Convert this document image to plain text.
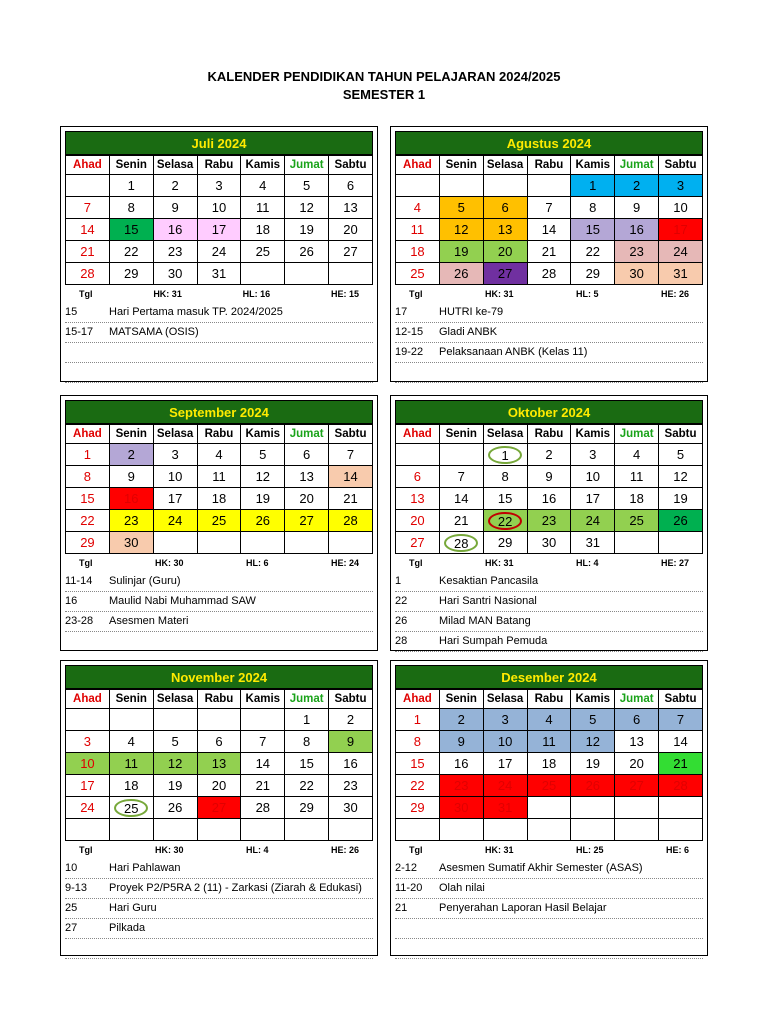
KALENDER PENDIDIKAN TAHUN PELAJARAN 2024/2025
SEMESTER 1
Juli 2024
Ahad	Senin	Selasa	Rabu	Kamis	Jumat	Sabtu
	1	2	3	4	5	6
7	8	9	10	11	12	13
14	15	16	17	18	19	20
21	22	23	24	25	26	27
28	29	30	31			
Tgl	HK: 31	HL: 16	HE: 15
15	Hari Pertama masuk TP. 2024/2025
15-17	MATSAMA (OSIS)
Agustus 2024
Ahad	Senin	Selasa	Rabu	Kamis	Jumat	Sabtu
				1	2	3
4	5	6	7	8	9	10
11	12	13	14	15	16	17
18	19	20	21	22	23	24
25	26	27	28	29	30	31
Tgl	HK: 31	HL: 5	HE: 26
17	HUTRI ke-79
12-15	Gladi ANBK
19-22	Pelaksanaan ANBK (Kelas 11)
September 2024
Ahad	Senin	Selasa	Rabu	Kamis	Jumat	Sabtu
1	2	3	4	5	6	7
8	9	10	11	12	13	14
15	16	17	18	19	20	21
22	23	24	25	26	27	28
29	30					
Tgl	HK: 30	HL: 6	HE: 24
11-14	Sulinjar (Guru)
16	Maulid Nabi Muhammad SAW
23-28	Asesmen Materi
Oktober 2024
Ahad	Senin	Selasa	Rabu	Kamis	Jumat	Sabtu
		1	2	3	4	5
6	7	8	9	10	11	12
13	14	15	16	17	18	19
20	21	22	23	24	25	26
27	28	29	30	31		
Tgl	HK: 31	HL: 4	HE: 27
1	Kesaktian Pancasila
22	Hari Santri Nasional
26	Milad MAN Batang
28	Hari Sumpah Pemuda
November 2024
Ahad	Senin	Selasa	Rabu	Kamis	Jumat	Sabtu
					1	2
3	4	5	6	7	8	9
10	11	12	13	14	15	16
17	18	19	20	21	22	23
24	25	26	27	28	29	30

Tgl	HK: 30	HL: 4	HE: 26
10	Hari Pahlawan
9-13	Proyek P2/P5RA 2 (11) - Zarkasi (Ziarah & Edukasi)
25	Hari Guru
27	Pilkada
Desember 2024
Ahad	Senin	Selasa	Rabu	Kamis	Jumat	Sabtu
1	2	3	4	5	6	7
8	9	10	11	12	13	14
15	16	17	18	19	20	21
22	23	24	25	26	27	28
29	30	31				

Tgl	HK: 31	HL: 25	HE: 6
2-12	Asesmen Sumatif Akhir Semester (ASAS)
11-20	Olah nilai
21	Penyerahan Laporan Hasil Belajar
